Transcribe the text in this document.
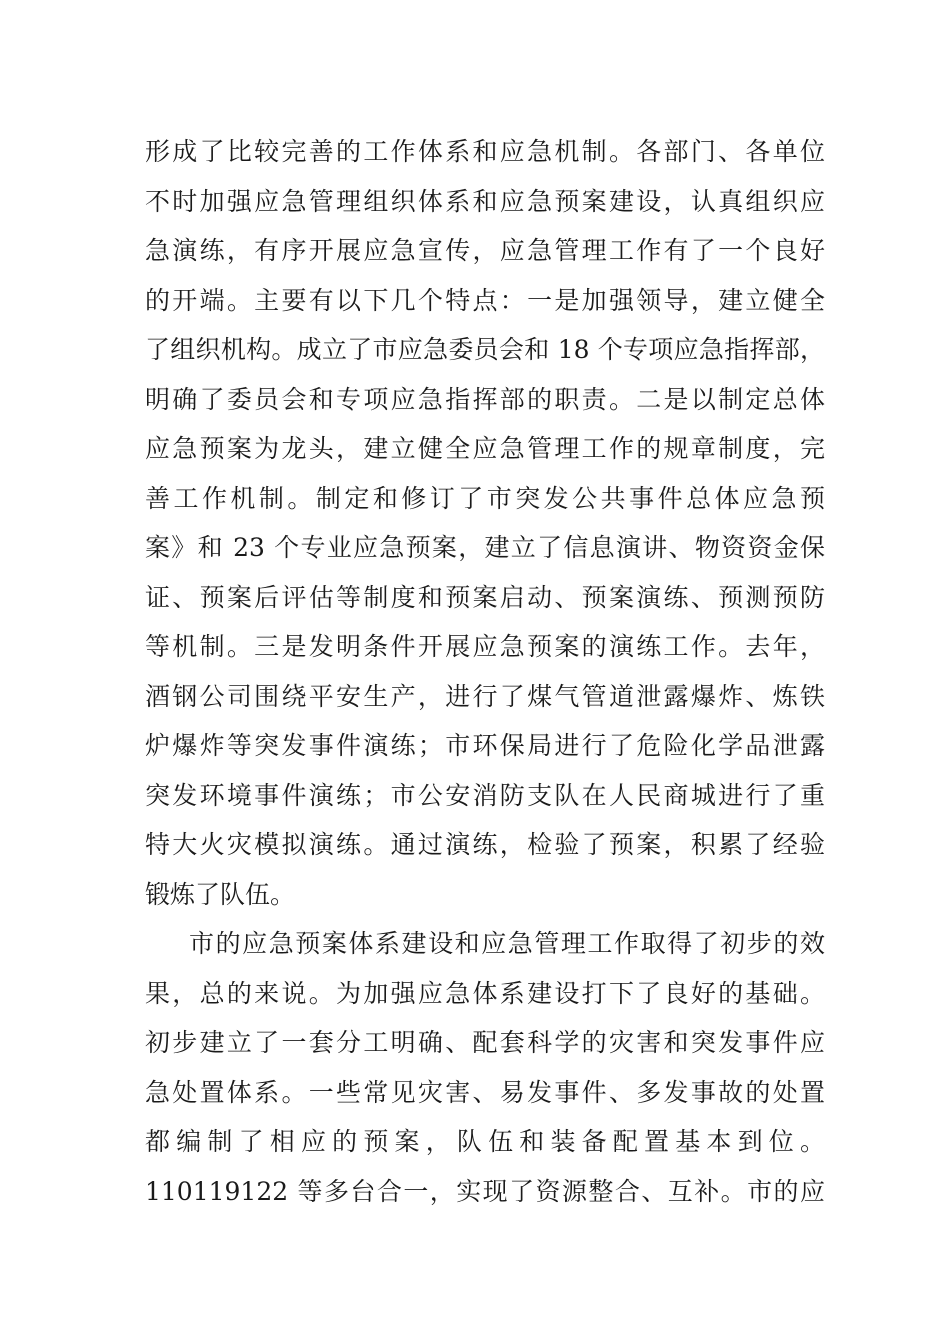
形成了比较完善的工作体系和应急机制。各部门、各单位
不时加强应急管理组织体系和应急预案建设，认真组织应
急演练，有序开展应急宣传，应急管理工作有了一个良好
的开端。主要有以下几个特点：一是加强领导，建立健全
了组织机构。成立了市应急委员会和 18 个专项应急指挥部，
明确了委员会和专项应急指挥部的职责。二是以制定总体
应急预案为龙头，建立健全应急管理工作的规章制度，完
善工作机制。制定和修订了市突发公共事件总体应急预
案》和 23 个专业应急预案，建立了信息演讲、物资资金保
证、预案后评估等制度和预案启动、预案演练、预测预防
等机制。三是发明条件开展应急预案的演练工作。去年，
酒钢公司围绕平安生产，进行了煤气管道泄露爆炸、炼铁
炉爆炸等突发事件演练；市环保局进行了危险化学品泄露
突发环境事件演练；市公安消防支队在人民商城进行了重
特大火灾模拟演练。通过演练，检验了预案，积累了经验
锻炼了队伍。
市的应急预案体系建设和应急管理工作取得了初步的效
果，总的来说。为加强应急体系建设打下了良好的基础。
初步建立了一套分工明确、配套科学的灾害和突发事件应
急处置体系。一些常见灾害、易发事件、多发事故的处置
都编制了相应的预案，队伍和装备配置基本到位。
110119122 等多台合一，实现了资源整合、互补。市的应
